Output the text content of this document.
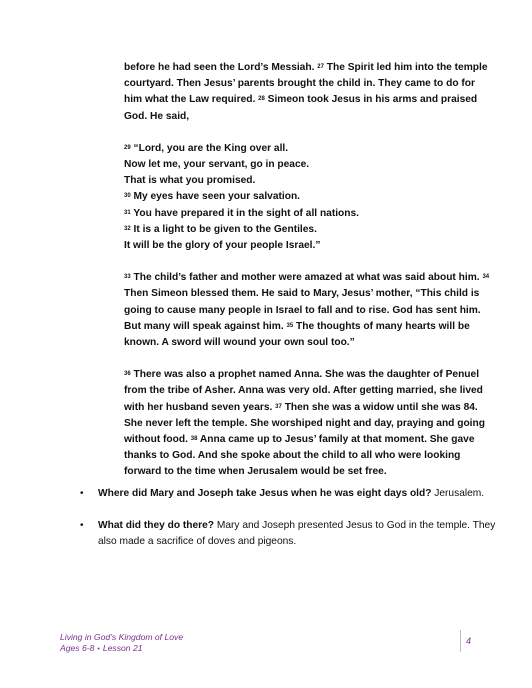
before he had seen the Lord’s Messiah. $^{27}$ The Spirit led him into the temple courtyard. Then Jesus’ parents brought the child in. They came to do for him what the Law required. $^{28}$ Simeon took Jesus in his arms and praised God. He said,

$^{29}$ “Lord, you are the King over all.

Now let me, your servant, go in peace.

That is what you promised.

$^{30}$ My eyes have seen your salvation.

$^{31}$ You have prepared it in the sight of all nations.

$^{32}$ It is a light to be given to the Gentiles.

It will be the glory of your people Israel.”

$^{33}$ The child’s father and mother were amazed at what was said about him. $^{34}$ Then Simeon blessed them. He said to Mary, Jesus’ mother, “This child is going to cause many people in Israel to fall and to rise. God has sent him. But many will speak against him. $^{35}$ The thoughts of many hearts will be known. A sword will wound your own soul too.”

$^{36}$ There was also a prophet named Anna. She was the daughter of Penuel from the tribe of Asher. Anna was very old. After getting married, she lived with her husband seven years. $^{37}$ Then she was a widow until she was 84. She never left the temple. She worshiped night and day, praying and going without food. $^{38}$ Anna came up to Jesus’ family at that moment. She gave thanks to God. And she spoke about the child to all who were looking forward to the time when Jerusalem would be set free.

• Where did Mary and Joseph take Jesus when he was eight days old? Jerusalem.
• What did they do there? Mary and Joseph presented Jesus to God in the temple. They also made a sacrifice of doves and pigeons.
Living in God’s Kingdom of Love
Ages 6-8 • Lesson 21
4
